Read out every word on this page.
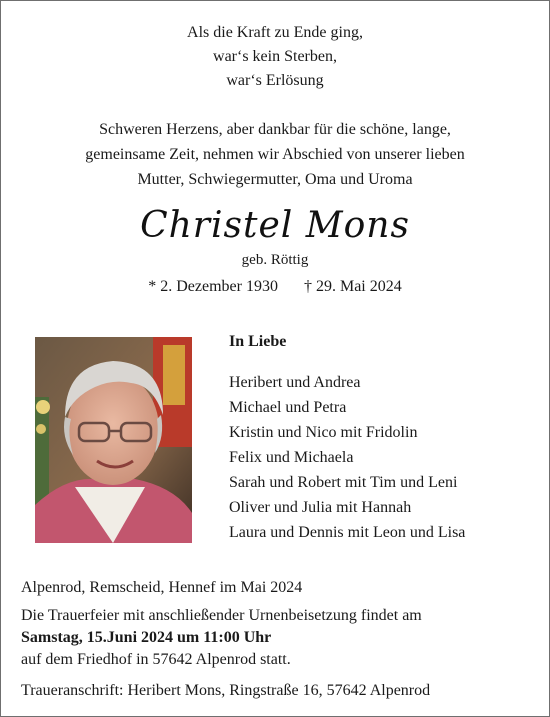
Als die Kraft zu Ende ging,
war‘s kein Sterben,
war‘s Erlösung
Schweren Herzens, aber dankbar für die schöne, lange,
gemeinsame Zeit, nehmen wir Abschied von unserer lieben
Mutter, Schwiegermutter, Oma und Uroma
Christel Mons
geb. Röttig
* 2. Dezember 1930 † 29. Mai 2024
In Liebe
Heribert und Andrea
Michael und Petra
Kristin und Nico mit Fridolin
Felix und Michaela
Sarah und Robert mit Tim und Leni
Oliver und Julia mit Hannah
Laura und Dennis mit Leon und Lisa
Alpenrod, Remscheid, Hennef im Mai 2024
Die Trauerfeier mit anschließender Urnenbeisetzung findet am
Samstag, 15.Juni 2024 um 11:00 Uhr
auf dem Friedhof in 57642 Alpenrod statt.
Traueranschrift: Heribert Mons, Ringstraße 16, 57642 Alpenrod
